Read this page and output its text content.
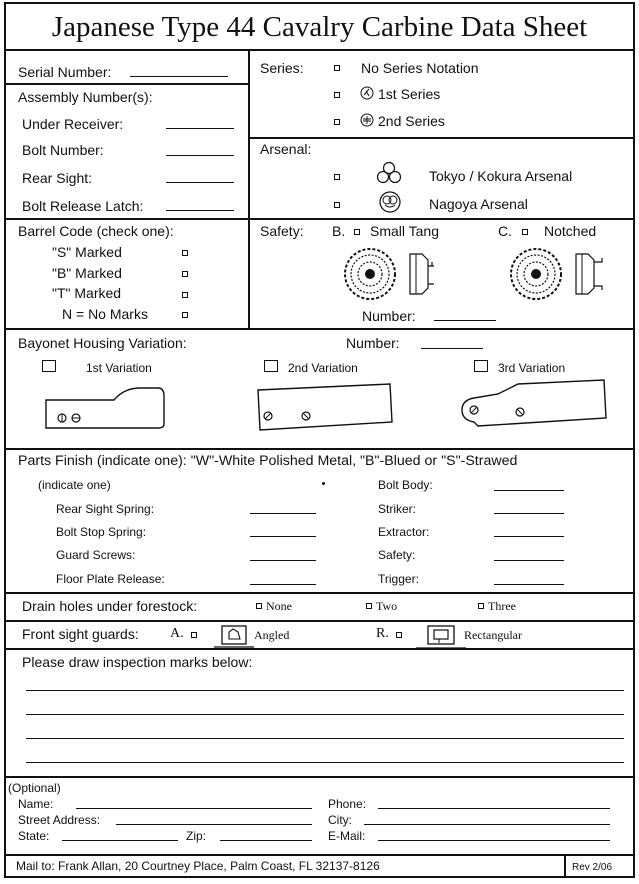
Japanese Type 44 Cavalry Carbine Data Sheet
Serial Number:
Assembly Number(s):
Under Receiver:
Bolt Number:
Rear Sight:
Bolt Release Latch:
Series:	No Series Notation
1st Series
2nd Series
Arsenal:
Tokyo / Kokura Arsenal
Nagoya Arsenal
Barrel Code (check one):
"S" Marked
"B" Marked
"T" Marked
N = No Marks
Safety: B. Small Tang	C. Notched
Number:
Bayonet Housing Variation:	Number:
1st Variation	2nd Variation	3rd Variation
Parts Finish (indicate one): "W"-White Polished Metal, "B"-Blued or "S"-Strawed
(indicate one)
Rear Sight Spring:
Bolt Stop Spring:
Guard Screws:
Floor Plate Release:
Bolt Body:
Striker:
Extractor:
Safety:
Trigger:
Drain holes under forestock:	None	Two	Three
Front sight guards: A.	Angled	R.	Rectangular
Please draw inspection marks below:
(Optional)
Name:
Street Address:
State:	Zip:
Phone:
City:
E-Mail:
Mail to: Frank Allan, 20 Courtney Place, Palm Coast, FL 32137-8126	Rev 2/06
